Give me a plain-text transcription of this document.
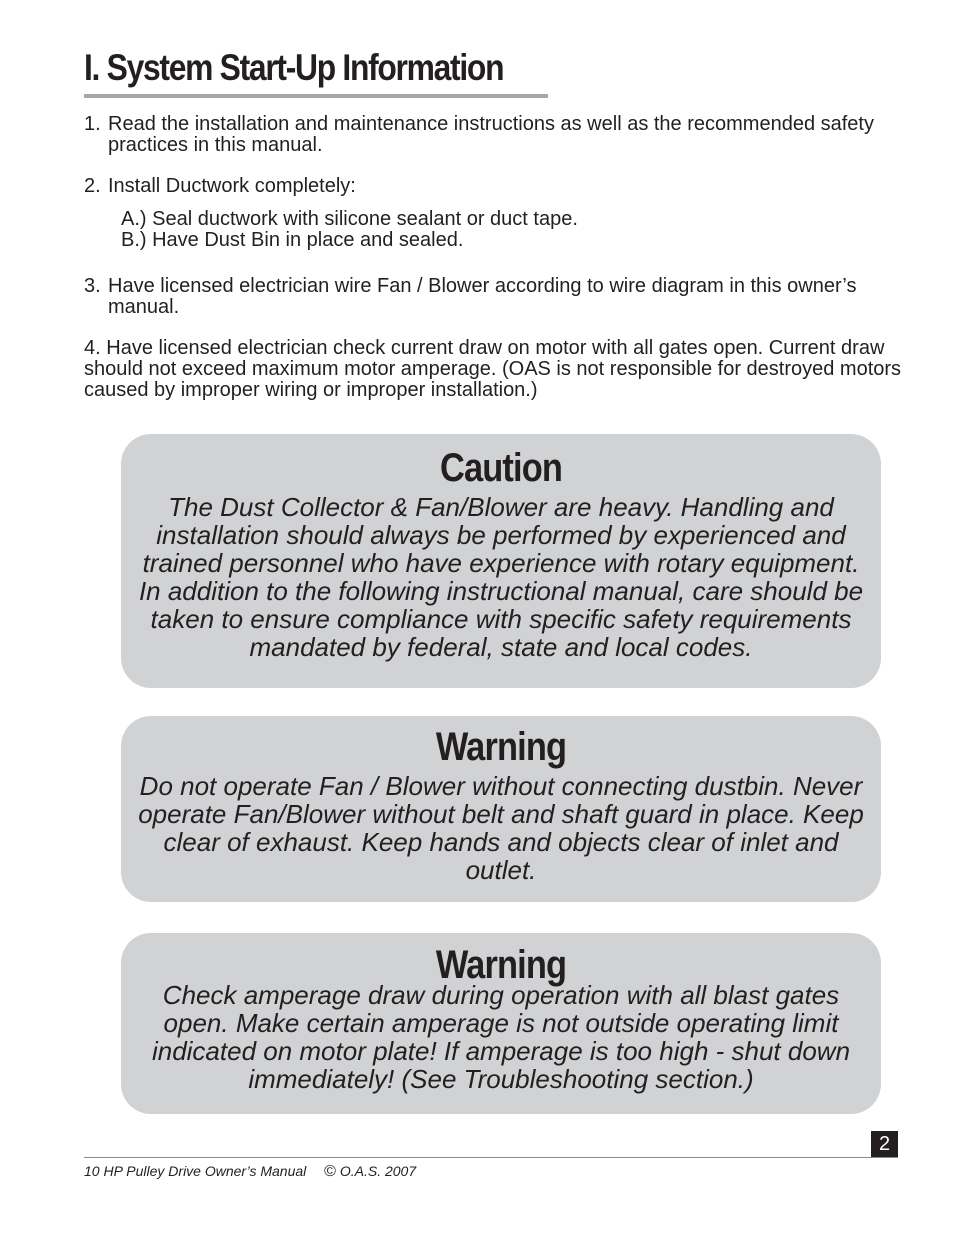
I. System Start-Up Information
1. Read the installation and maintenance instructions as well as the recommended safety practices in this manual.
2. Install Ductwork completely:
A.) Seal ductwork with silicone sealant or duct tape.
B.) Have Dust Bin in place and sealed.
3. Have licensed electrician wire Fan / Blower according to wire diagram in this owner’s manual.
4. Have licensed electrician check current draw on motor with all gates open. Current draw should not exceed maximum motor amperage. (OAS is not responsible for destroyed motors caused by improper wiring or improper installation.)
Caution

The Dust Collector & Fan/Blower are heavy. Handling and installation should always be performed by experienced and trained personnel who have experience with rotary equipment. In addition to the following instructional manual, care should be taken to ensure compliance with specific safety requirements mandated by federal, state and local codes.

Warning

Do not operate Fan / Blower without connecting dustbin. Never operate Fan/Blower without belt and shaft guard in place. Keep clear of exhaust. Keep hands and objects clear of inlet and outlet.

Warning

Check amperage draw during operation with all blast gates open. Make certain amperage is not outside operating limit indicated on motor plate! If amperage is too high - shut down immediately! (See Troubleshooting section.)

2
10 HP Pulley Drive Owner’s Manual © O.A.S. 2007
